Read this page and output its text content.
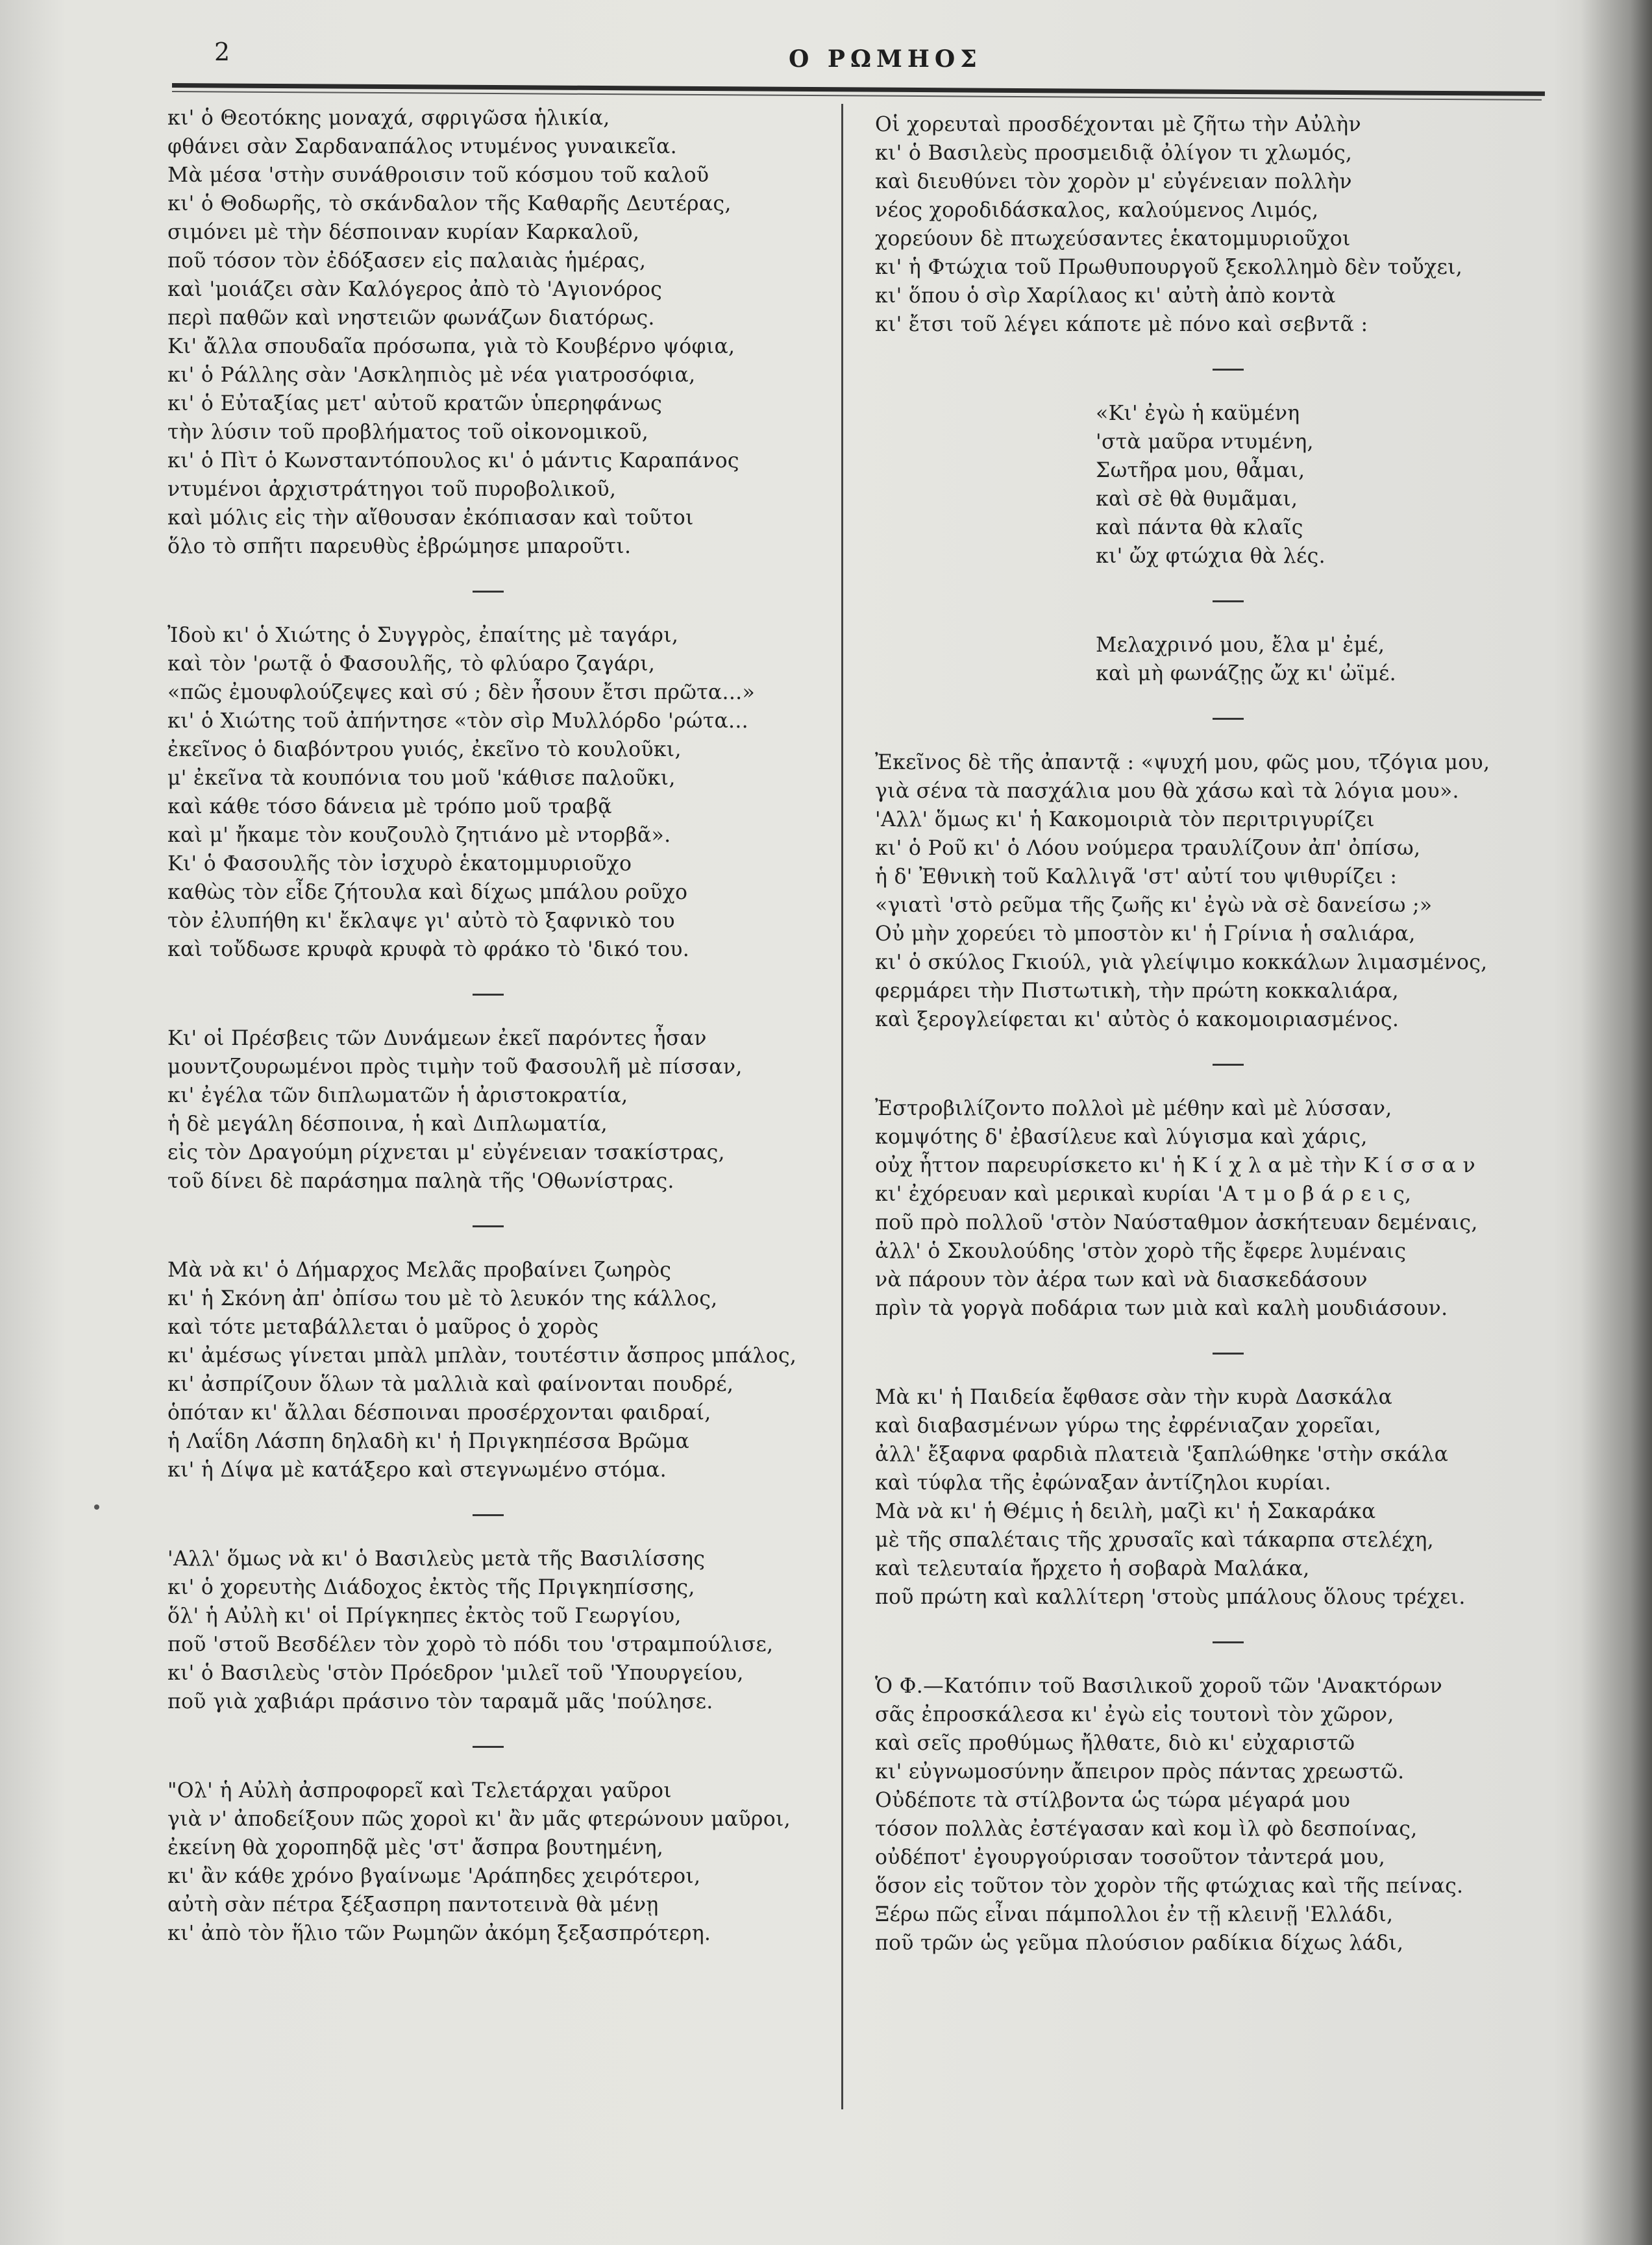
2	Ο ΡΩΜΗΟΣ
κι' ὁ Θεοτόκης μοναχά, σφριγῶσα ἡλικία,
φθάνει σὰν Σαρδαναπάλος ντυμένος γυναικεῖα.
Μὰ μέσα 'στὴν συνάθροισιν τοῦ κόσμου τοῦ καλοῦ
κι' ὁ Θοδωρῆς, τὸ σκάνδαλον τῆς Καθαρῆς Δευτέρας,
σιμόνει μὲ τὴν δέσποιναν κυρίαν Καρκαλοῦ,
ποῦ τόσον τὸν ἐδόξασεν εἰς παλαιὰς ἡμέρας,
καὶ 'μοιάζει σὰν Καλόγερος ἀπὸ τὸ 'Αγιονόρος
περὶ παθῶν καὶ νηστειῶν φωνάζων διατόρως.
Κι' ἄλλα σπουδαῖα πρόσωπα, γιὰ τὸ Κουβέρνο ψόφια,
κι' ὁ Ράλλης σὰν 'Ασκληπιὸς μὲ νέα γιατροσόφια,
κι' ὁ Εὐταξίας μετ' αὐτοῦ κρατῶν ὑπερηφάνως
τὴν λύσιν τοῦ προβλήματος τοῦ οἰκονομικοῦ,
κι' ὁ Πὶτ ὁ Κωνσταντόπουλος κι' ὁ μάντις Καραπάνος
ντυμένοι ἀρχιστράτηγοι τοῦ πυροβολικοῦ,
καὶ μόλις εἰς τὴν αἴθουσαν ἐκόπιασαν καὶ τοῦτοι
ὅλο τὸ σπῆτι παρευθὺς ἐβρώμησε μπαροῦτι.
Ἰδοὺ κι' ὁ Χιώτης ὁ Συγγρὸς, ἐπαίτης μὲ ταγάρι,
καὶ τὸν 'ρωτᾷ ὁ Φασουλῆς, τὸ φλύαρο ζαγάρι,
«πῶς ἐμουφλούζεψες καὶ σύ ; δὲν ἦσουν ἔτσι πρῶτα...»
κι' ὁ Χιώτης τοῦ ἀπήντησε «τὸν σὶρ Μυλλόρδο 'ρώτα...
ἐκεῖνος ὁ διαβόντρου γυιός, ἐκεῖνο τὸ κουλοῦκι,
μ' ἐκεῖνα τὰ κουπόνια του μοῦ 'κάθισε παλοῦκι,
καὶ κάθε τόσο δάνεια μὲ τρόπο μοῦ τραβᾷ
καὶ μ' ἤκαμε τὸν κουζουλὸ ζητιάνο μὲ ντορβᾶ».
Κι' ὁ Φασουλῆς τὸν ἰσχυρὸ ἑκατομμυριοῦχο
καθὼς τὸν εἶδε ζήτουλα καὶ δίχως μπάλου ροῦχο
τὸν ἐλυπήθη κι' ἔκλαψε γι' αὐτὸ τὸ ξαφνικὸ του
καὶ τοὔδωσε κρυφὰ κρυφὰ τὸ φράκο τὸ 'δικό του.
Κι' οἱ Πρέσβεις τῶν Δυνάμεων ἐκεῖ παρόντες ἦσαν
μουντζουρωμένοι πρὸς τιμὴν τοῦ Φασουλῆ μὲ πίσσαν,
κι' ἐγέλα τῶν διπλωματῶν ἡ ἀριστοκρατία,
ἡ δὲ μεγάλη δέσποινα, ἡ καὶ Διπλωματία,
εἰς τὸν Δραγούμη ρίχνεται μ' εὐγένειαν τσακίστρας,
τοῦ δίνει δὲ παράσημα παληὰ τῆς 'Οθωνίστρας.
Μὰ νὰ κι' ὁ Δήμαρχος Μελᾶς προβαίνει ζωηρὸς
κι' ἡ Σκόνη ἀπ' ὀπίσω του μὲ τὸ λευκόν της κάλλος,
καὶ τότε μεταβάλλεται ὁ μαῦρος ὁ χορὸς
κι' ἀμέσως γίνεται μπὰλ μπλὰν, τουτέστιν ἄσπρος μπάλος,
κι' ἀσπρίζουν ὅλων τὰ μαλλιὰ καὶ φαίνονται πουδρέ,
ὁπόταν κι' ἄλλαι δέσποιναι προσέρχονται φαιδραί,
ἡ Λαΐδη Λάσπη δηλαδὴ κι' ἡ Πριγκηπέσσα Βρῶμα
κι' ἡ Δίψα μὲ κατάξερο καὶ στεγνωμένο στόμα.
'Αλλ' ὅμως νὰ κι' ὁ Βασιλεὺς μετὰ τῆς Βασιλίσσης
κι' ὁ χορευτὴς Διάδοχος ἐκτὸς τῆς Πριγκηπίσσης,
ὅλ' ἡ Αὐλὴ κι' οἱ Πρίγκηπες ἐκτὸς τοῦ Γεωργίου,
ποῦ 'στοῦ Βεσδέλεν τὸν χορὸ τὸ πόδι του 'στραμπούλισε,
κι' ὁ Βασιλεὺς 'στὸν Πρόεδρον 'μιλεῖ τοῦ 'Υπουργείου,
ποῦ γιὰ χαβιάρι πράσινο τὸν ταραμᾶ μᾶς 'πούλησε.
"Ολ' ἡ Αὐλὴ ἀσπροφορεῖ καὶ Τελετάρχαι γαῦροι
γιὰ ν' ἀποδείξουν πῶς χοροὶ κι' ἂν μᾶς φτερώνουν μαῦροι,
ἐκείνη θὰ χοροπηδᾷ μὲς 'στ' ἄσπρα βουτημένη,
κι' ἂν κάθε χρόνο βγαίνωμε 'Αράπηδες χειρότεροι,
αὐτὴ σὰν πέτρα ξέξασπρη παντοτεινὰ θὰ μένῃ
κι' ἀπὸ τὸν ἥλιο τῶν Ρωμηῶν ἀκόμη ξεξασπρότερη.
Οἱ χορευταὶ προσδέχονται μὲ ζῆτω τὴν Αὐλὴν
κι' ὁ Βασιλεὺς προσμειδιᾷ ὀλίγον τι χλωμός,
καὶ διευθύνει τὸν χορὸν μ' εὐγένειαν πολλὴν
νέος χοροδιδάσκαλος, καλούμενος Λιμός,
χορεύουν δὲ πτωχεύσαντες ἑκατομμυριοῦχοι
κι' ἡ Φτώχια τοῦ Πρωθυπουργοῦ ξεκολλημὸ δὲν τοὔχει,
κι' ὅπου ὁ σὶρ Χαρίλαος κι' αὐτὴ ἀπὸ κοντὰ
κι' ἔτσι τοῦ λέγει κάποτε μὲ πόνο καὶ σεβντᾶ :
«Κι' ἐγὼ ἡ καϋμένη
'στὰ μαῦρα ντυμένη,
Σωτῆρα μου, θἆμαι,
καὶ σὲ θὰ θυμᾶμαι,
καὶ πάντα θὰ κλαῖς
κι' ὤχ φτώχια θὰ λές.
Μελαχρινό μου, ἔλα μ' ἐμέ,
καὶ μὴ φωνάζῃς ὤχ κι' ὠϊμέ.
Ἐκεῖνος δὲ τῆς ἀπαντᾷ : «ψυχή μου, φῶς μου, τζόγια μου,
γιὰ σένα τὰ πασχάλια μου θὰ χάσω καὶ τὰ λόγια μου».
'Αλλ' ὅμως κι' ἡ Κακομοιριὰ τὸν περιτριγυρίζει
κι' ὁ Ροῦ κι' ὁ Λόου νούμερα τραυλίζουν ἀπ' ὀπίσω,
ἡ δ' Ἐθνικὴ τοῦ Καλλιγᾶ 'στ' αὐτί του ψιθυρίζει :
«γιατὶ 'στὸ ρεῦμα τῆς ζωῆς κι' ἐγὼ νὰ σὲ δανείσω ;»
Οὐ μὴν χορεύει τὸ μποστὸν κι' ἡ Γρίνια ἡ σαλιάρα,
κι' ὁ σκύλος Γκιούλ, γιὰ γλείψιμο κοκκάλων λιμασμένος,
φερμάρει τὴν Πιστωτικὴ, τὴν πρώτη κοκκαλιάρα,
καὶ ξερογλείφεται κι' αὐτὸς ὁ κακομοιριασμένος.
Ἐστροβιλίζοντο πολλοὶ μὲ μέθην καὶ μὲ λύσσαν,
κομψότης δ' ἐβασίλευε καὶ λύγισμα καὶ χάρις,
οὐχ ἧττον παρευρίσκετο κι' ἡ Κ ί χ λ α μὲ τὴν Κ ί σ σ α ν
κι' ἐχόρευαν καὶ μερικαὶ κυρίαι 'Α τ μ ο β ά ρ ε ι ς,
ποῦ πρὸ πολλοῦ 'στὸν Ναύσταθμον ἀσκήτευαν δεμέναις,
ἀλλ' ὁ Σκουλούδης 'στὸν χορὸ τῆς ἔφερε λυμέναις
νὰ πάρουν τὸν ἀέρα των καὶ νὰ διασκεδάσουν
πρὶν τὰ γοργὰ ποδάρια των μιὰ καὶ καλὴ μουδιάσουν.
Μὰ κι' ἡ Παιδεία ἔφθασε σὰν τὴν κυρὰ Δασκάλα
καὶ διαβασμένων γύρω της ἐφρένιαζαν χορεῖαι,
ἀλλ' ἔξαφνα φαρδιὰ πλατειὰ 'ξαπλώθηκε 'στὴν σκάλα
καὶ τύφλα τῆς ἐφώναξαν ἀντίζηλοι κυρίαι.
Μὰ νὰ κι' ἡ Θέμις ἡ δειλὴ, μαζὶ κι' ἡ Σακαράκα
μὲ τῆς σπαλέταις τῆς χρυσαῖς καὶ τάκαρπα στελέχη,
καὶ τελευταία ἤρχετο ἡ σοβαρὰ Μαλάκα,
ποῦ πρώτη καὶ καλλίτερη 'στοὺς μπάλους ὅλους τρέχει.
Ὁ Φ.—Κατόπιν τοῦ Βασιλικοῦ χοροῦ τῶν 'Ανακτόρων
σᾶς ἐπροσκάλεσα κι' ἐγὼ εἰς τουτονὶ τὸν χῶρον,
καὶ σεῖς προθύμως ἤλθατε, διὸ κι' εὐχαριστῶ
κι' εὐγνωμοσύνην ἄπειρον πρὸς πάντας χρεωστῶ.
Οὐδέποτε τὰ στίλβοντα ὡς τώρα μέγαρά μου
τόσον πολλὰς ἐστέγασαν καὶ κομ ὶλ φὸ δεσποίνας,
οὐδέποτ' ἐγουργούρισαν τοσοῦτον τἀντερά μου,
ὅσον εἰς τοῦτον τὸν χορὸν τῆς φτώχιας καὶ τῆς πείνας.
Ξέρω πῶς εἶναι πάμπολλοι ἐν τῇ κλεινῇ 'Ελλάδι,
ποῦ τρῶν ὡς γεῦμα πλούσιον ραδίκια δίχως λάδι,
